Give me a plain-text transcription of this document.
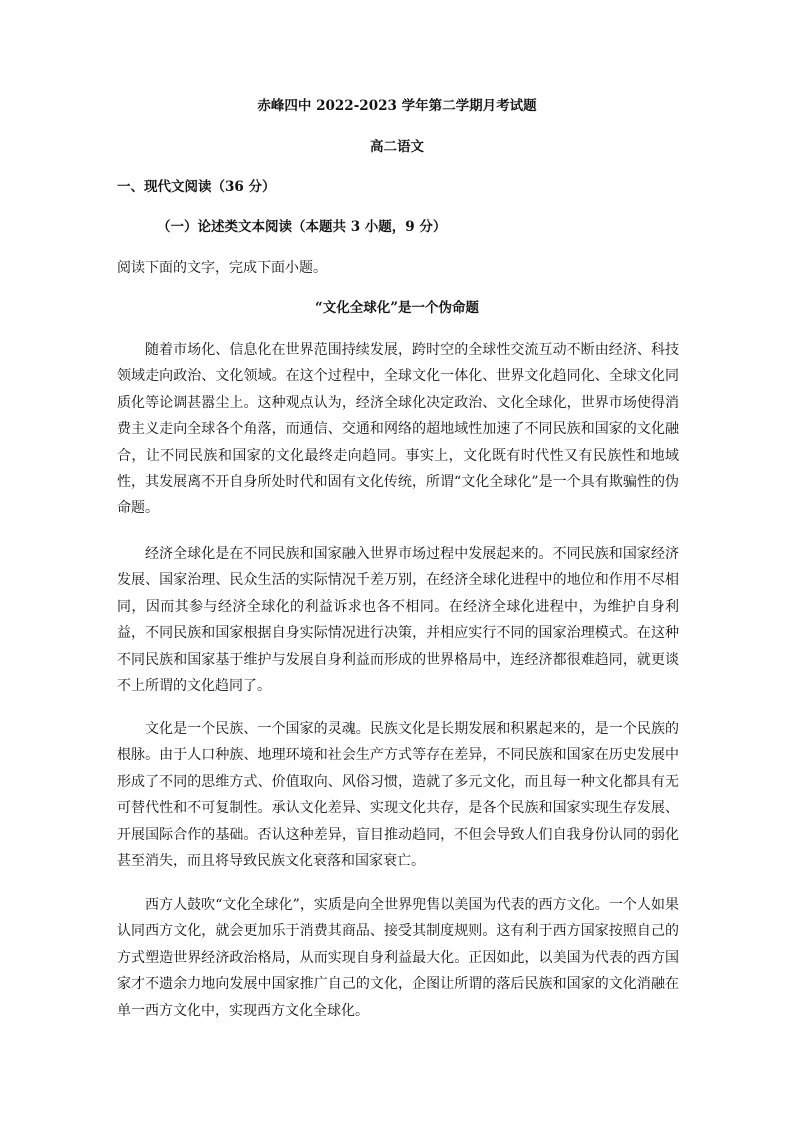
赤峰四中 2022-2023 学年第二学期月考试题
高二语文
一、现代文阅读（36 分）
（一）论述类文本阅读（本题共 3 小题，9 分）
阅读下面的文字，完成下面小题。
“文化全球化”是一个伪命题

随着市场化、信息化在世界范围持续发展，跨时空的全球性交流互动不断由经济、科技领域走向政治、文化领域。在这个过程中，全球文化一体化、世界文化趋同化、全球文化同质化等论调甚嚣尘上。这种观点认为，经济全球化决定政治、文化全球化，世界市场使得消费主义走向全球各个角落，而通信、交通和网络的超地域性加速了不同民族和国家的文化融合，让不同民族和国家的文化最终走向趋同。事实上，文化既有时代性又有民族性和地域性，其发展离不开自身所处时代和固有文化传统，所谓“文化全球化”是一个具有欺骗性的伪命题。

经济全球化是在不同民族和国家融入世界市场过程中发展起来的。不同民族和国家经济发展、国家治理、民众生活的实际情况千差万别，在经济全球化进程中的地位和作用不尽相同，因而其参与经济全球化的利益诉求也各不相同。在经济全球化进程中，为维护自身利益，不同民族和国家根据自身实际情况进行决策，并相应实行不同的国家治理模式。在这种不同民族和国家基于维护与发展自身利益而形成的世界格局中，连经济都很难趋同，就更谈不上所谓的文化趋同了。

文化是一个民族、一个国家的灵魂。民族文化是长期发展和积累起来的，是一个民族的根脉。由于人口种族、地理环境和社会生产方式等存在差异，不同民族和国家在历史发展中形成了不同的思维方式、价值取向、风俗习惯，造就了多元文化，而且每一种文化都具有无可替代性和不可复制性。承认文化差异、实现文化共存，是各个民族和国家实现生存发展、开展国际合作的基础。否认这种差异，盲目推动趋同，不但会导致人们自我身份认同的弱化甚至消失，而且将导致民族文化衰落和国家衰亡。

西方人鼓吹“文化全球化”，实质是向全世界兜售以美国为代表的西方文化。一个人如果认同西方文化，就会更加乐于消费其商品、接受其制度规则。这有利于西方国家按照自己的方式塑造世界经济政治格局，从而实现自身利益最大化。正因如此，以美国为代表的西方国家才不遗余力地向发展中国家推广自己的文化，企图让所谓的落后民族和国家的文化消融在单一西方文化中，实现西方文化全球化。
